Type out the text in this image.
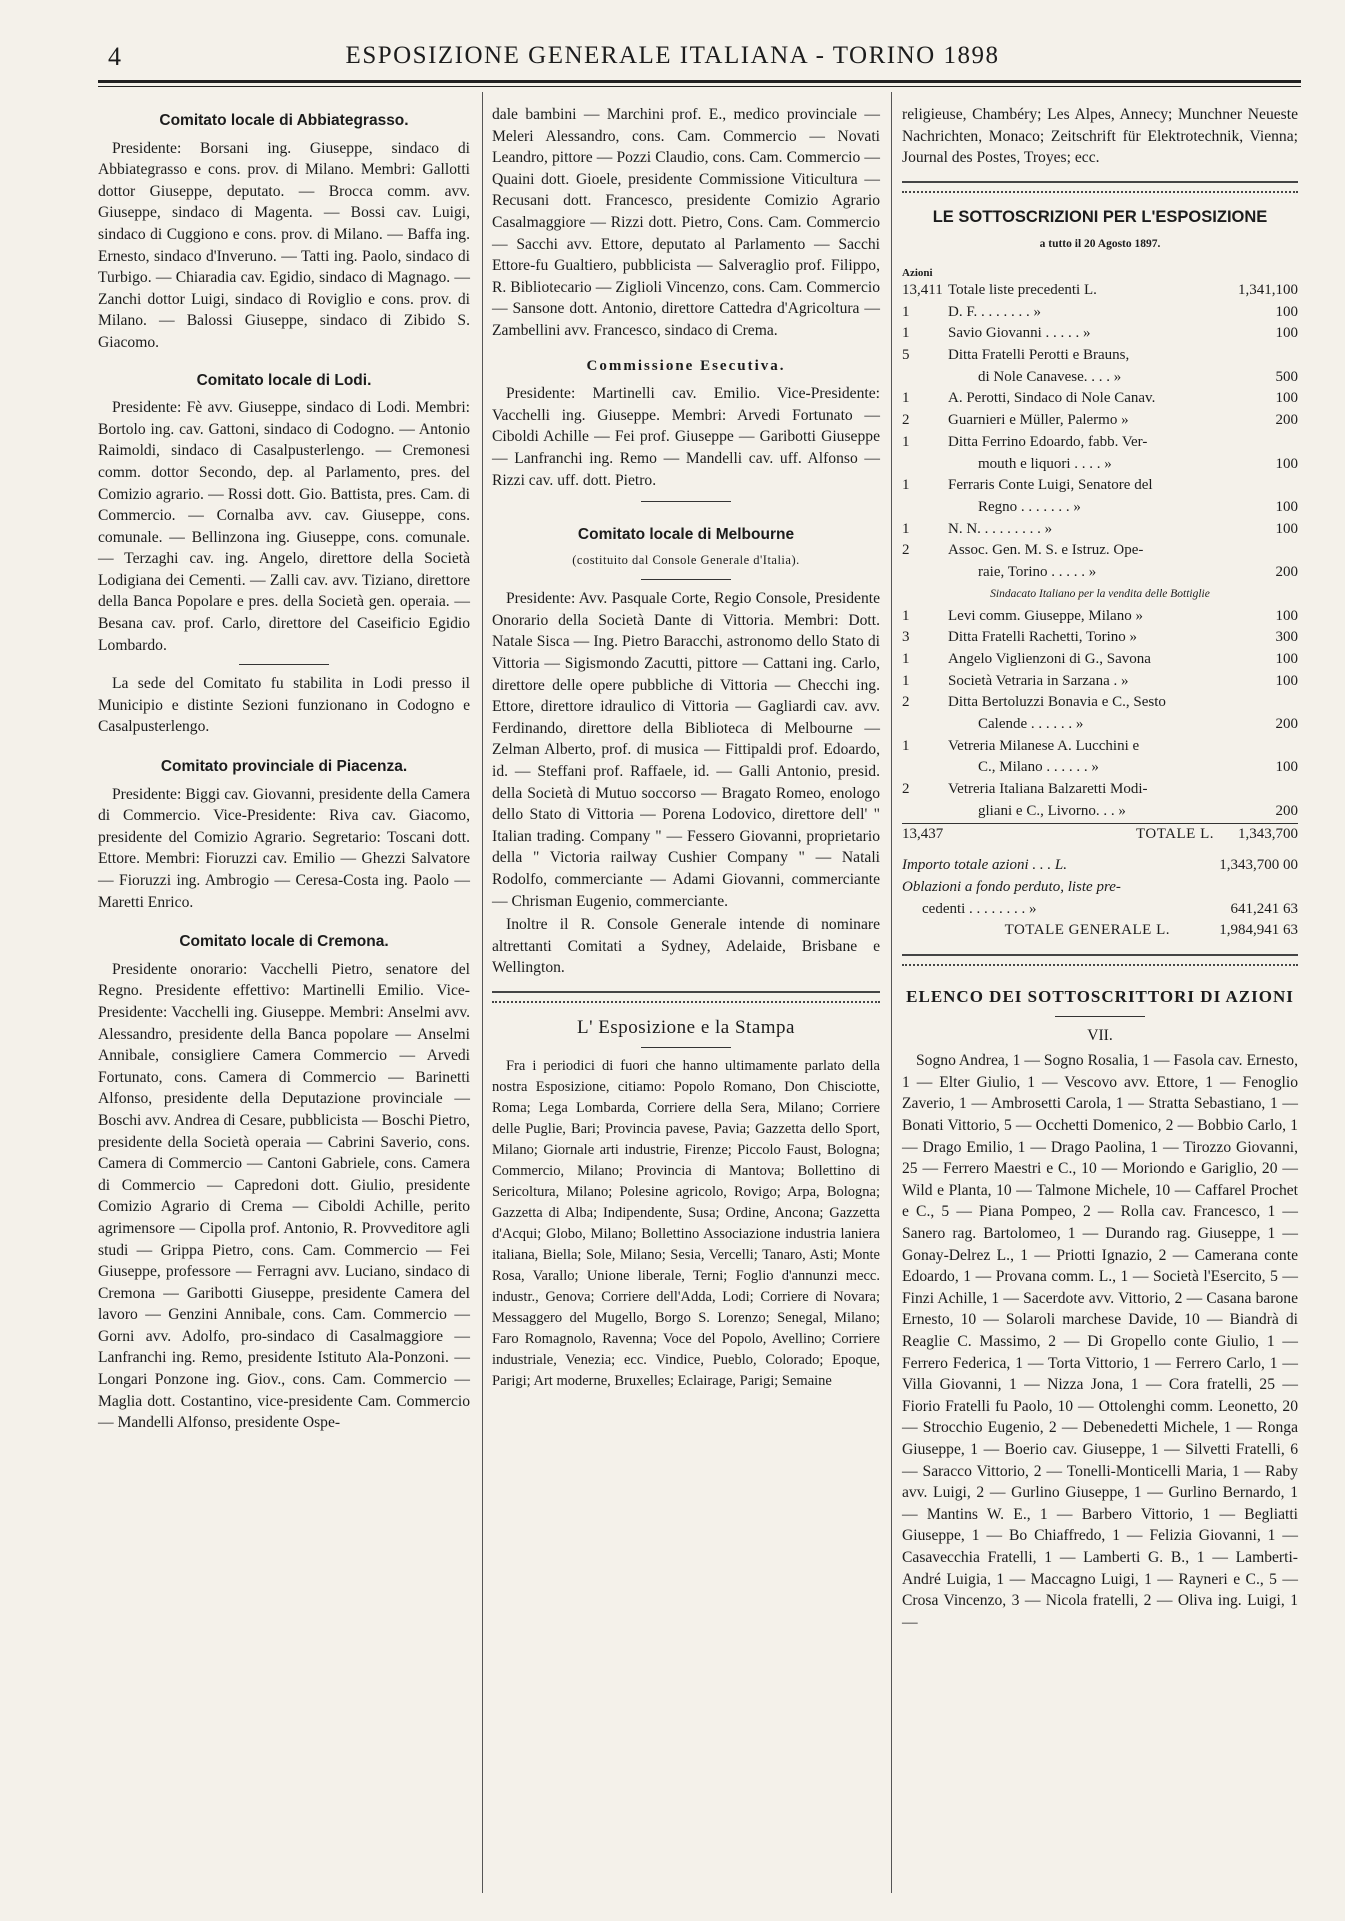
4	ESPOSIZIONE GENERALE ITALIANA - TORINO 1898
Comitato locale di Abbiategrasso.

Presidente: Borsani ing. Giuseppe, sindaco di Abbiategrasso e cons. prov. di Milano. Membri: Gallotti dottor Giuseppe, deputato. — Brocca comm. avv. Giuseppe, sindaco di Magenta. — Bossi cav. Luigi, sindaco di Cuggiono e cons. prov. di Milano. — Baffa ing. Ernesto, sindaco d'Inveruno. — Tatti ing. Paolo, sindaco di Turbigo. — Chiaradia cav. Egidio, sindaco di Magnago. — Zanchi dottor Luigi, sindaco di Roviglio e cons. prov. di Milano. — Balossi Giuseppe, sindaco di Zibido S. Giacomo.

Comitato locale di Lodi.

Presidente: Fè avv. Giuseppe, sindaco di Lodi. Membri: Bortolo ing. cav. Gattoni, sindaco di Codogno. — Antonio Raimoldi, sindaco di Casalpusterlengo. — Cremonesi comm. dottor Secondo, dep. al Parlamento, pres. del Comizio agrario. — Rossi dott. Gio. Battista, pres. Cam. di Commercio. — Cornalba avv. cav. Giuseppe, cons. comunale. — Bellinzona ing. Giuseppe, cons. comunale. — Terzaghi cav. ing. Angelo, direttore della Società Lodigiana dei Cementi. — Zalli cav. avv. Tiziano, direttore della Banca Popolare e pres. della Società gen. operaia. — Besana cav. prof. Carlo, direttore del Caseificio Egidio Lombardo.

La sede del Comitato fu stabilita in Lodi presso il Municipio e distinte Sezioni funzionano in Codogno e Casalpusterlengo.

Comitato provinciale di Piacenza.

Presidente: Biggi cav. Giovanni, presidente della Camera di Commercio. Vice-Presidente: Riva cav. Giacomo, presidente del Comizio Agrario. Segretario: Toscani dott. Ettore. Membri: Fioruzzi cav. Emilio — Ghezzi Salvatore — Fioruzzi ing. Ambrogio — Ceresa-Costa ing. Paolo — Maretti Enrico.

Comitato locale di Cremona.

Presidente onorario: Vacchelli Pietro, senatore del Regno. Presidente effettivo: Martinelli Emilio. Vice-Presidente: Vacchelli ing. Giuseppe. Membri: Anselmi avv. Alessandro, presidente della Banca popolare — Anselmi Annibale, consigliere Camera Commercio — Arvedi Fortunato, cons. Camera di Commercio — Barinetti Alfonso, presidente della Deputazione provinciale — Boschi avv. Andrea di Cesare, pubblicista — Boschi Pietro, presidente della Società operaia — Cabrini Saverio, cons. Camera di Commercio — Cantoni Gabriele, cons. Camera di Commercio — Capredoni dott. Giulio, presidente Comizio Agrario di Crema — Ciboldi Achille, perito agrimensore — Cipolla prof. Antonio, R. Provveditore agli studi — Grippa Pietro, cons. Cam. Commercio — Fei Giuseppe, professore — Ferragni avv. Luciano, sindaco di Cremona — Garibotti Giuseppe, presidente Camera del lavoro — Genzini Annibale, cons. Cam. Commercio — Gorni avv. Adolfo, pro-sindaco di Casalmaggiore — Lanfranchi ing. Remo, presidente Istituto Ala-Ponzoni. — Longari Ponzone ing. Giov., cons. Cam. Commercio — Maglia dott. Costantino, vice-presidente Cam. Commercio — Mandelli Alfonso, presidente Ospe-

dale bambini — Marchini prof. E., medico provinciale — Meleri Alessandro, cons. Cam. Commercio — Novati Leandro, pittore — Pozzi Claudio, cons. Cam. Commercio — Quaini dott. Gioele, presidente Commissione Viticultura — Recusani dott. Francesco, presidente Comizio Agrario Casalmaggiore — Rizzi dott. Pietro, Cons. Cam. Commercio — Sacchi avv. Ettore, deputato al Parlamento — Sacchi Ettore-fu Gualtiero, pubblicista — Salveraglio prof. Filippo, R. Bibliotecario — Ziglioli Vincenzo, cons. Cam. Commercio — Sansone dott. Antonio, direttore Cattedra d'Agricoltura — Zambellini avv. Francesco, sindaco di Crema.

Commissione Esecutiva.

Presidente: Martinelli cav. Emilio. Vice-Presidente: Vacchelli ing. Giuseppe. Membri: Arvedi Fortunato — Ciboldi Achille — Fei prof. Giuseppe — Garibotti Giuseppe — Lanfranchi ing. Remo — Mandelli cav. uff. Alfonso — Rizzi cav. uff. dott. Pietro.

Comitato locale di Melbourne
(costituito dal Console Generale d'Italia).

Presidente: Avv. Pasquale Corte, Regio Console, Presidente Onorario della Società Dante di Vittoria. Membri: Dott. Natale Sisca — Ing. Pietro Baracchi, astronomo dello Stato di Vittoria — Sigismondo Zacutti, pittore — Cattani ing. Carlo, direttore delle opere pubbliche di Vittoria — Checchi ing. Ettore, direttore idraulico di Vittoria — Gagliardi cav. avv. Ferdinando, direttore della Biblioteca di Melbourne — Zelman Alberto, prof. di musica — Fittipaldi prof. Edoardo, id. — Steffani prof. Raffaele, id. — Galli Antonio, presid. della Società di Mutuo soccorso — Bragato Romeo, enologo dello Stato di Vittoria — Porena Lodovico, direttore dell' " Italian trading. Company " — Fessero Giovanni, proprietario della " Victoria railway Cushier Company " — Natali Rodolfo, commerciante — Adami Giovanni, commerciante — Chrisman Eugenio, commerciante.

Inoltre il R. Console Generale intende di nominare altrettanti Comitati a Sydney, Adelaide, Brisbane e Wellington.

L' Esposizione e la Stampa

Fra i periodici di fuori che hanno ultimamente parlato della nostra Esposizione, citiamo: Popolo Romano, Don Chisciotte, Roma; Lega Lombarda, Corriere della Sera, Milano; Corriere delle Puglie, Bari; Provincia pavese, Pavia; Gazzetta dello Sport, Milano; Giornale arti industrie, Firenze; Piccolo Faust, Bologna; Commercio, Milano; Provincia di Mantova; Bollettino di Sericoltura, Milano; Polesine agricolo, Rovigo; Arpa, Bologna; Gazzetta di Alba; Indipendente, Susa; Ordine, Ancona; Gazzetta d'Acqui; Globo, Milano; Bollettino Associazione industria laniera italiana, Biella; Sole, Milano; Sesia, Vercelli; Tanaro, Asti; Monte Rosa, Varallo; Unione liberale, Terni; Foglio d'annunzi mecc. industr., Genova; Corriere dell'Adda, Lodi; Corriere di Novara; Messaggero del Mugello, Borgo S. Lorenzo; Senegal, Milano; Faro Romagnolo, Ravenna; Voce del Popolo, Avellino; Corriere industriale, Venezia; ecc. Vindice, Pueblo, Colorado; Epoque, Parigi; Art moderne, Bruxelles; Eclairage, Parigi; Semaine

religieuse, Chambéry; Les Alpes, Annecy; Munchner Neueste Nachrichten, Monaco; Zeitschrift für Elektrotechnik, Vienna; Journal des Postes, Troyes; ecc.

LE SOTTOSCRIZIONI PER L'ESPOSIZIONE
a tutto il 20 Agosto 1897.
Azioni		
13,411	Totale liste precedenti L.	1,341,100
1	D. F. . . . . . . . »	100
1	Savio Giovanni . . . . . »	100
5	Ditta Fratelli Perotti e Brauns,	
	di Nole Canavese. . . . »	500
1	A. Perotti, Sindaco di Nole Canav.	100
2	Guarnieri e Müller, Palermo »	200
1	Ditta Ferrino Edoardo, fabb. Ver-	
	mouth e liquori . . . . »	100
1	Ferraris Conte Luigi, Senatore del	
	Regno . . . . . . . »	100
1	N. N. . . . . . . . . »	100
2	Assoc. Gen. M. S. e Istruz. Ope-	
	raie, Torino . . . . . »	200
Sindacato Italiano per la vendita delle Bottiglie		
1	Levi comm. Giuseppe, Milano »	100
3	Ditta Fratelli Rachetti, Torino »	300
1	Angelo Viglienzoni di G., Savona	100
1	Società Vetraria in Sarzana . »	100
2	Ditta Bertoluzzi Bonavia e C., Sesto	
	Calende . . . . . . »	200
1	Vetreria Milanese A. Lucchini e	
	C., Milano . . . . . . »	100
2	Vetreria Italiana Balzaretti Modi-	
	gliani e C., Livorno. . . »	200
13,437	TOTALE L.	1,343,700
Importo totale azioni . . . L.	1,343,700 00
Oblazioni a fondo perduto, liste pre-
cedenti . . . . . . . . »	641,241 63
TOTALE GENERALE L.	1,984,941 63
ELENCO DEI SOTTOSCRITTORI DI AZIONI
VII.

Sogno Andrea, 1 — Sogno Rosalia, 1 — Fasola cav. Ernesto, 1 — Elter Giulio, 1 — Vescovo avv. Ettore, 1 — Fenoglio Zaverio, 1 — Ambrosetti Carola, 1 — Stratta Sebastiano, 1 — Bonati Vittorio, 5 — Occhetti Domenico, 2 — Bobbio Carlo, 1 — Drago Emilio, 1 — Drago Paolina, 1 — Tirozzo Giovanni, 25 — Ferrero Maestri e C., 10 — Moriondo e Gariglio, 20 — Wild e Planta, 10 — Talmone Michele, 10 — Caffarel Prochet e C., 5 — Piana Pompeo, 2 — Rolla cav. Francesco, 1 — Sanero rag. Bartolomeo, 1 — Durando rag. Giuseppe, 1 — Gonay-Delrez L., 1 — Priotti Ignazio, 2 — Camerana conte Edoardo, 1 — Provana comm. L., 1 — Società l'Esercito, 5 — Finzi Achille, 1 — Sacerdote avv. Vittorio, 2 — Casana barone Ernesto, 10 — Solaroli marchese Davide, 10 — Biandrà di Reaglie C. Massimo, 2 — Di Gropello conte Giulio, 1 — Ferrero Federica, 1 — Torta Vittorio, 1 — Ferrero Carlo, 1 — Villa Giovanni, 1 — Nizza Jona, 1 — Cora fratelli, 25 — Fiorio Fratelli fu Paolo, 10 — Ottolenghi comm. Leonetto, 20 — Strocchio Eugenio, 2 — Debenedetti Michele, 1 — Ronga Giuseppe, 1 — Boerio cav. Giuseppe, 1 — Silvetti Fratelli, 6 — Saracco Vittorio, 2 — Tonelli-Monticelli Maria, 1 — Raby avv. Luigi, 2 — Gurlino Giuseppe, 1 — Gurlino Bernardo, 1 — Mantins W. E., 1 — Barbero Vittorio, 1 — Begliatti Giuseppe, 1 — Bo Chiaffredo, 1 — Felizia Giovanni, 1 — Casavecchia Fratelli, 1 — Lamberti G. B., 1 — Lamberti-André Luigia, 1 — Maccagno Luigi, 1 — Rayneri e C., 5 — Crosa Vincenzo, 3 — Nicola fratelli, 2 — Oliva ing. Luigi, 1 —
